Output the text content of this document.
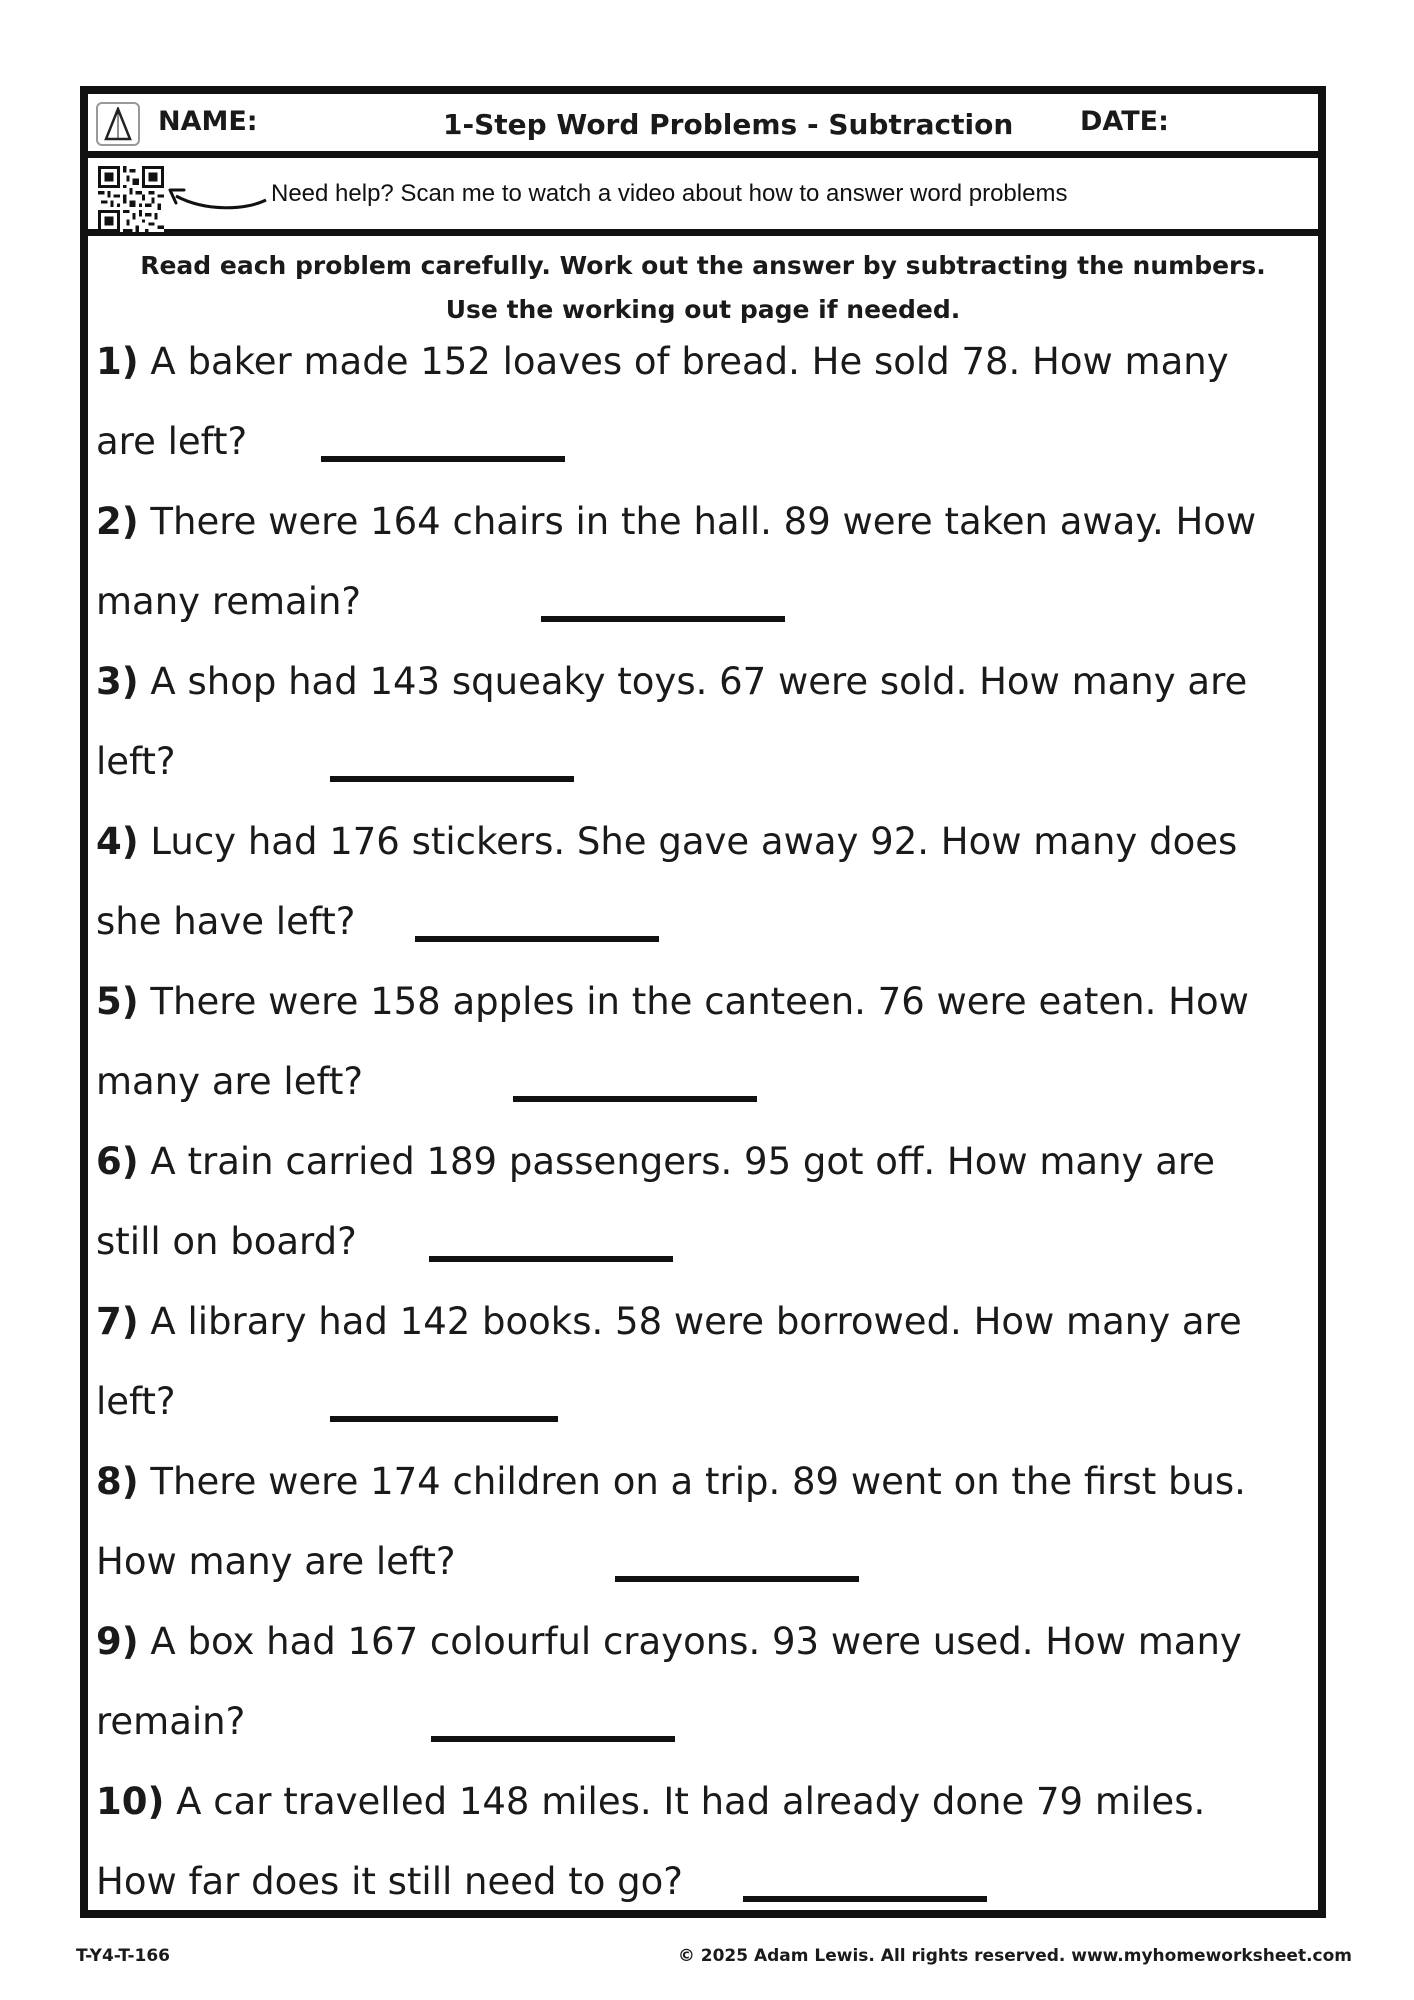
NAME:	1-Step Word Problems - Subtraction DATE:
Need help? Scan me to watch a video about how to answer word problems
Read each problem carefully. Work out the answer by subtracting the numbers.
Use the working out page if needed.
1) A baker made 152 loaves of bread. He sold 78. How many
are left?
2) There were 164 chairs in the hall. 89 were taken away. How
many remain?
3) A shop had 143 squeaky toys. 67 were sold. How many are
left?
4) Lucy had 176 stickers. She gave away 92. How many does
she have left?
5) There were 158 apples in the canteen. 76 were eaten. How
many are left?
6) A train carried 189 passengers. 95 got off. How many are
still on board?
7) A library had 142 books. 58 were borrowed. How many are
left?
8) There were 174 children on a trip. 89 went on the first bus.
How many are left?
9) A box had 167 colourful crayons. 93 were used. How many
remain?
10) A car travelled 148 miles. It had already done 79 miles.
How far does it still need to go?
T-Y4-T-166	© 2025 Adam Lewis. All rights reserved. www.myhomeworksheet.com
